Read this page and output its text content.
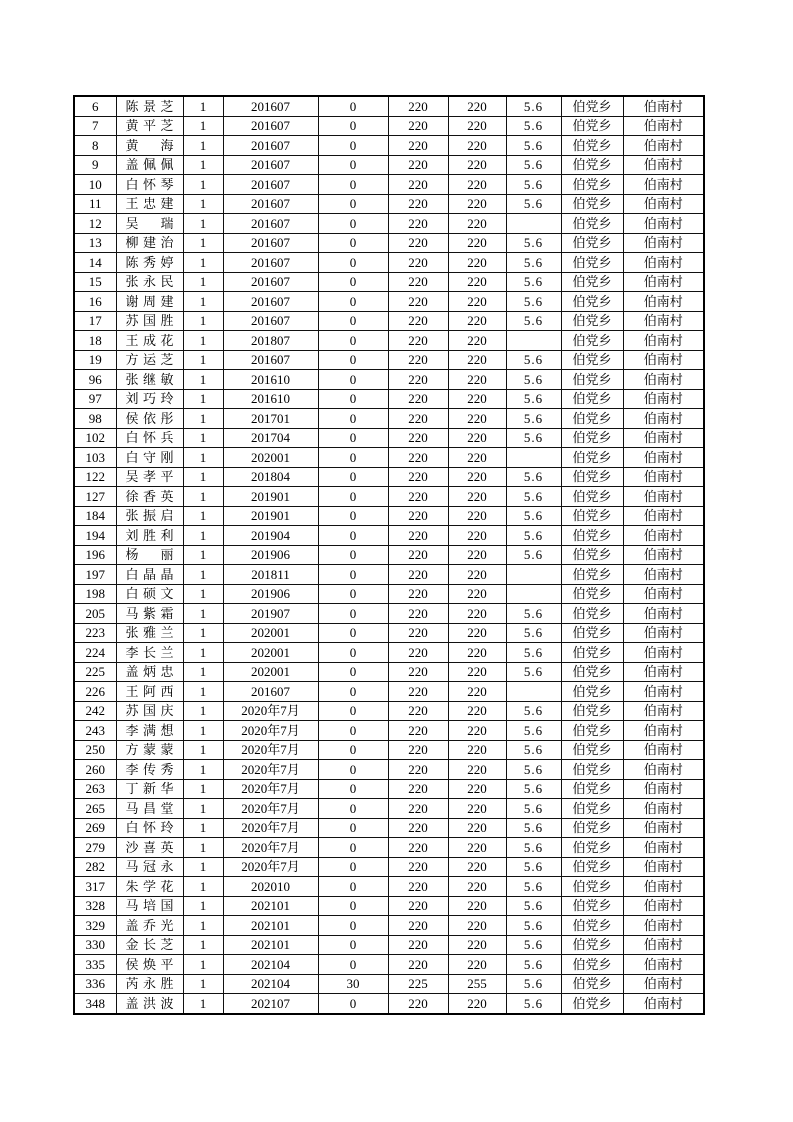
6	陈景芝	1	201607	0	220	220	5.6	伯党乡	伯南村
7	黄平芝	1	201607	0	220	220	5.6	伯党乡	伯南村
8	黄海	1	201607	0	220	220	5.6	伯党乡	伯南村
9	盖佩佩	1	201607	0	220	220	5.6	伯党乡	伯南村
10	白怀琴	1	201607	0	220	220	5.6	伯党乡	伯南村
11	王忠建	1	201607	0	220	220	5.6	伯党乡	伯南村
12	吴瑞	1	201607	0	220	220		伯党乡	伯南村
13	柳建治	1	201607	0	220	220	5.6	伯党乡	伯南村
14	陈秀婷	1	201607	0	220	220	5.6	伯党乡	伯南村
15	张永民	1	201607	0	220	220	5.6	伯党乡	伯南村
16	谢周建	1	201607	0	220	220	5.6	伯党乡	伯南村
17	苏国胜	1	201607	0	220	220	5.6	伯党乡	伯南村
18	王成花	1	201807	0	220	220		伯党乡	伯南村
19	方运芝	1	201607	0	220	220	5.6	伯党乡	伯南村
96	张继敏	1	201610	0	220	220	5.6	伯党乡	伯南村
97	刘巧玲	1	201610	0	220	220	5.6	伯党乡	伯南村
98	侯依彤	1	201701	0	220	220	5.6	伯党乡	伯南村
102	白怀兵	1	201704	0	220	220	5.6	伯党乡	伯南村
103	白守刚	1	202001	0	220	220		伯党乡	伯南村
122	吴孝平	1	201804	0	220	220	5.6	伯党乡	伯南村
127	徐香英	1	201901	0	220	220	5.6	伯党乡	伯南村
184	张振启	1	201901	0	220	220	5.6	伯党乡	伯南村
194	刘胜利	1	201904	0	220	220	5.6	伯党乡	伯南村
196	杨丽	1	201906	0	220	220	5.6	伯党乡	伯南村
197	白晶晶	1	201811	0	220	220		伯党乡	伯南村
198	白硕文	1	201906	0	220	220		伯党乡	伯南村
205	马紫霜	1	201907	0	220	220	5.6	伯党乡	伯南村
223	张雅兰	1	202001	0	220	220	5.6	伯党乡	伯南村
224	李长兰	1	202001	0	220	220	5.6	伯党乡	伯南村
225	盖炳忠	1	202001	0	220	220	5.6	伯党乡	伯南村
226	王阿西	1	201607	0	220	220		伯党乡	伯南村
242	苏国庆	1	2020年7月	0	220	220	5.6	伯党乡	伯南村
243	李满想	1	2020年7月	0	220	220	5.6	伯党乡	伯南村
250	方蒙蒙	1	2020年7月	0	220	220	5.6	伯党乡	伯南村
260	李传秀	1	2020年7月	0	220	220	5.6	伯党乡	伯南村
263	丁新华	1	2020年7月	0	220	220	5.6	伯党乡	伯南村
265	马昌堂	1	2020年7月	0	220	220	5.6	伯党乡	伯南村
269	白怀玲	1	2020年7月	0	220	220	5.6	伯党乡	伯南村
279	沙喜英	1	2020年7月	0	220	220	5.6	伯党乡	伯南村
282	马冠永	1	2020年7月	0	220	220	5.6	伯党乡	伯南村
317	朱学花	1	202010	0	220	220	5.6	伯党乡	伯南村
328	马培国	1	202101	0	220	220	5.6	伯党乡	伯南村
329	盖乔光	1	202101	0	220	220	5.6	伯党乡	伯南村
330	金长芝	1	202101	0	220	220	5.6	伯党乡	伯南村
335	侯焕平	1	202104	0	220	220	5.6	伯党乡	伯南村
336	芮永胜	1	202104	30	225	255	5.6	伯党乡	伯南村
348	盖洪波	1	202107	0	220	220	5.6	伯党乡	伯南村
